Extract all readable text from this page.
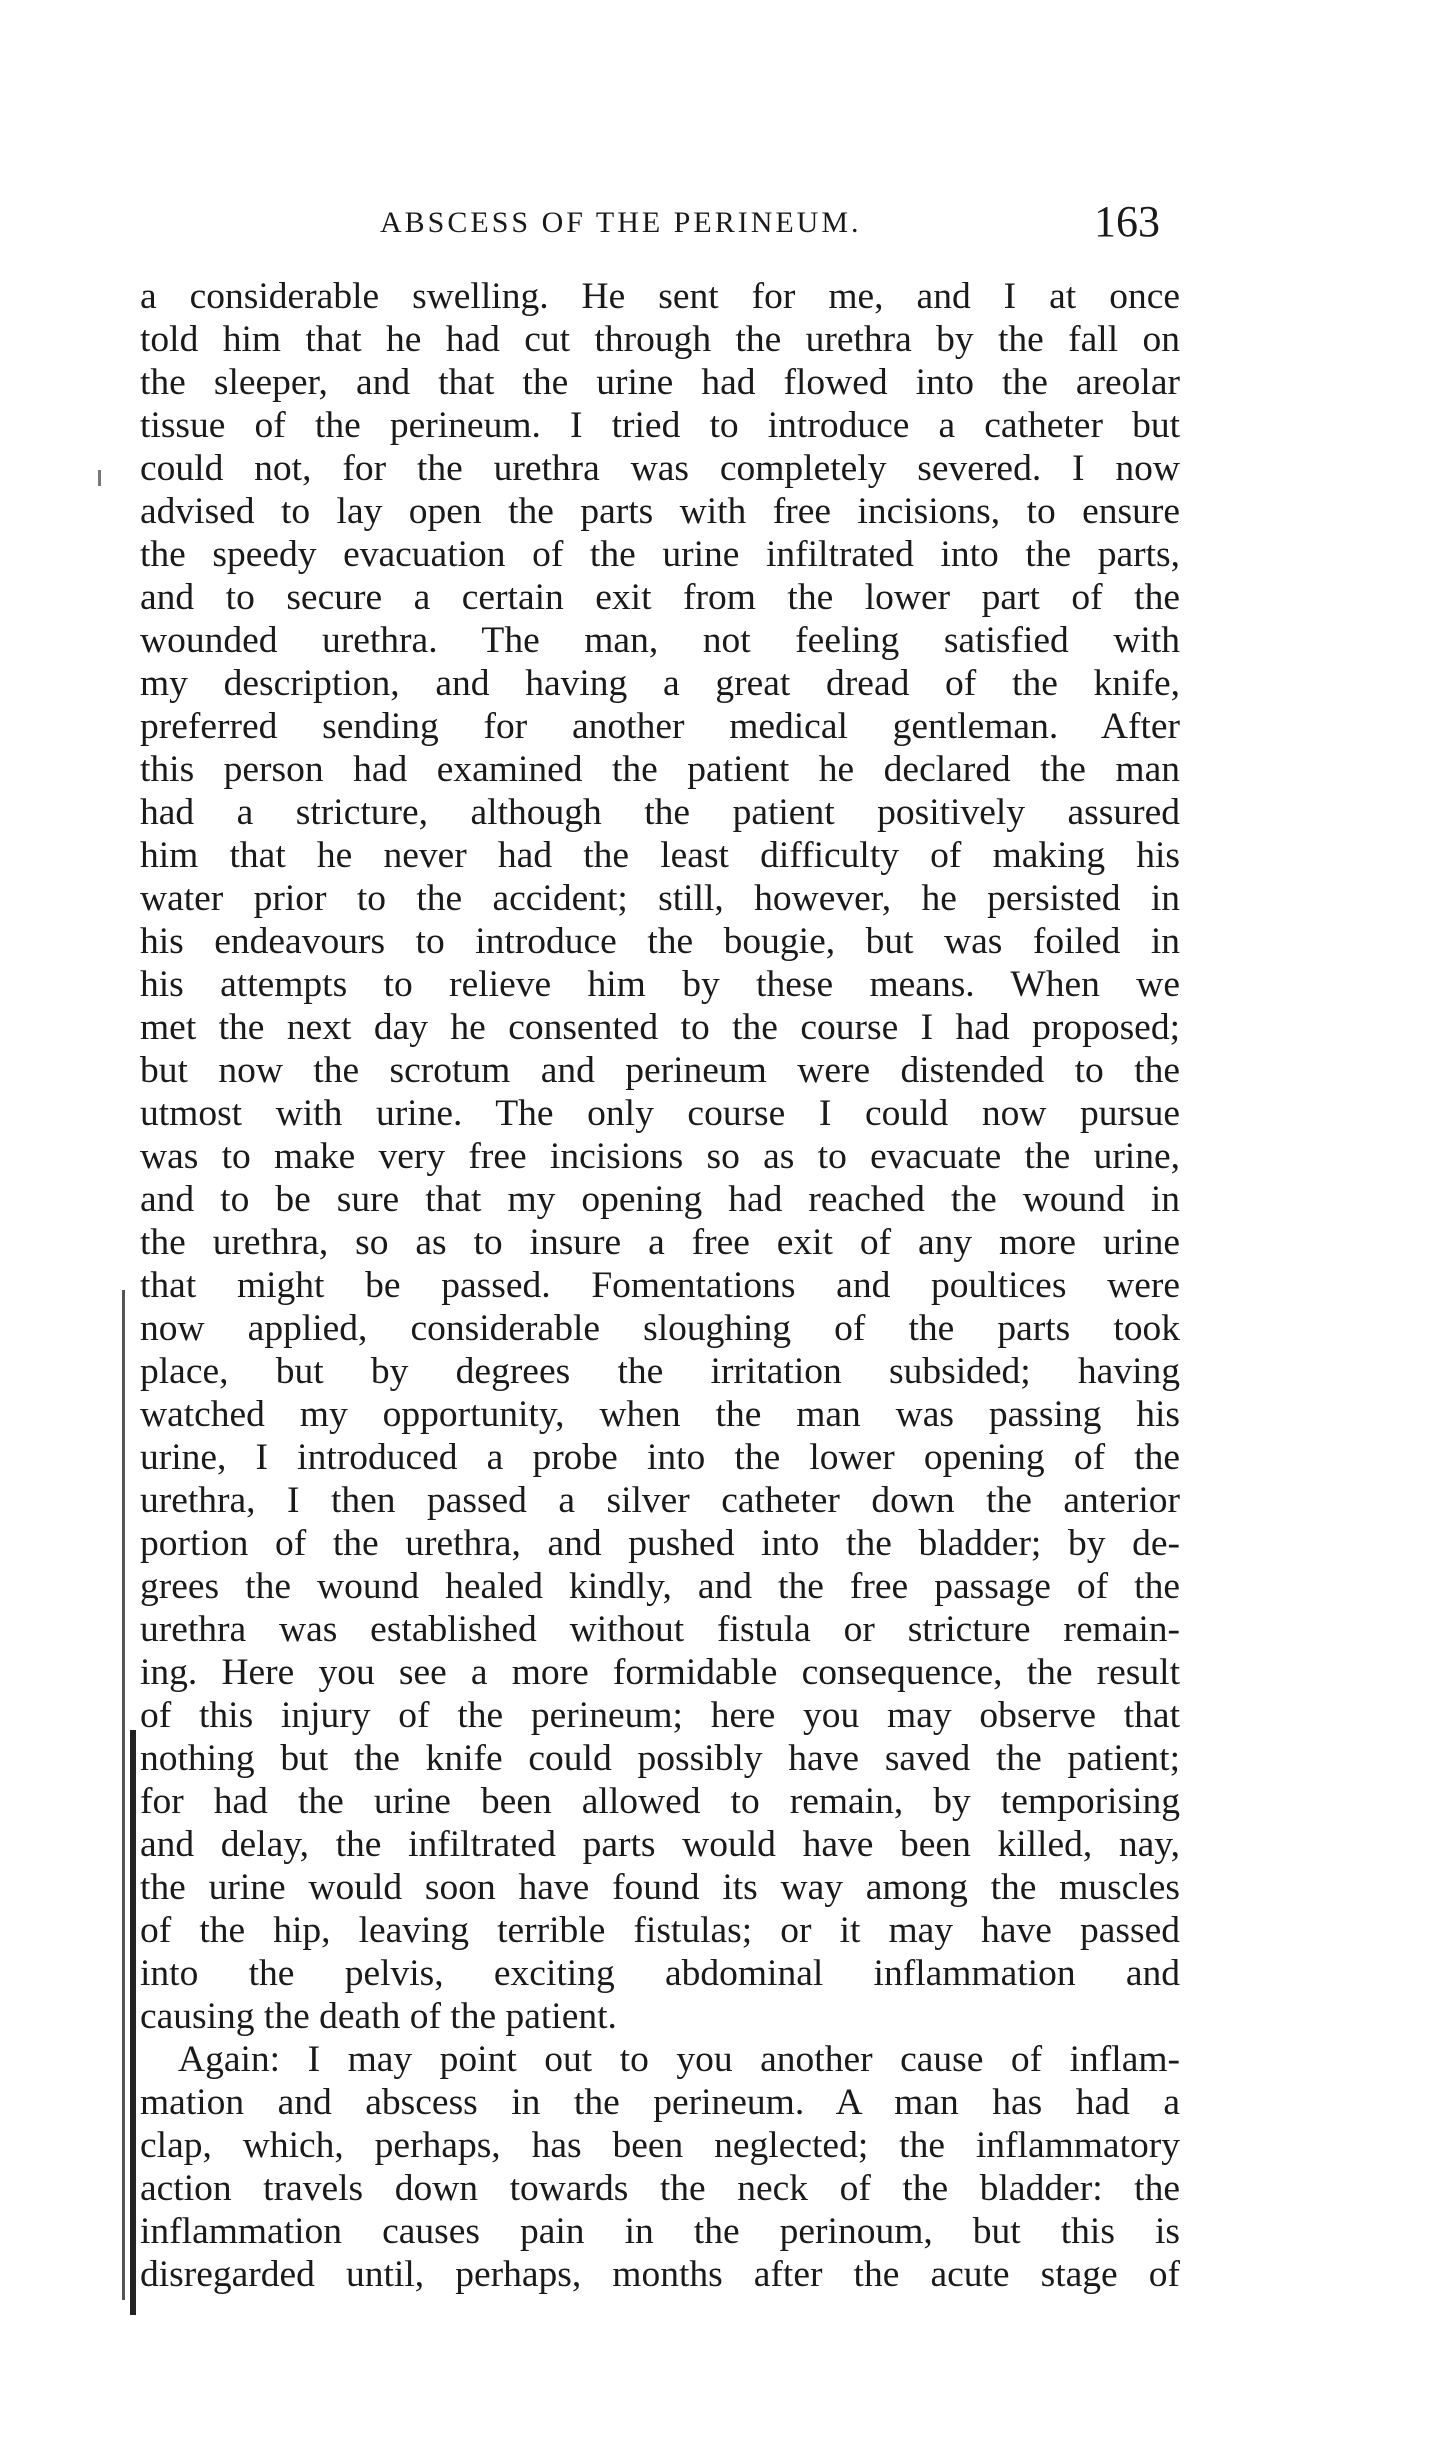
ABSCESS OF THE PERINEUM.	163
a considerable swelling. He sent for me, and I at once
told him that he had cut through the urethra by the fall on
the sleeper, and that the urine had flowed into the areolar
tissue of the perineum. I tried to introduce a catheter but
could not, for the urethra was completely severed. I now
advised to lay open the parts with free incisions, to ensure
the speedy evacuation of the urine infiltrated into the parts,
and to secure a certain exit from the lower part of the
wounded urethra. The man, not feeling satisfied with
my description, and having a great dread of the knife,
preferred sending for another medical gentleman. After
this person had examined the patient he declared the man
had a stricture, although the patient positively assured
him that he never had the least difficulty of making his
water prior to the accident; still, however, he persisted in
his endeavours to introduce the bougie, but was foiled in
his attempts to relieve him by these means. When we
met the next day he consented to the course I had proposed;
but now the scrotum and perineum were distended to the
utmost with urine. The only course I could now pursue
was to make very free incisions so as to evacuate the urine,
and to be sure that my opening had reached the wound in
the urethra, so as to insure a free exit of any more urine
that might be passed. Fomentations and poultices were
now applied, considerable sloughing of the parts took
place, but by degrees the irritation subsided; having
watched my opportunity, when the man was passing his
urine, I introduced a probe into the lower opening of the
urethra, I then passed a silver catheter down the anterior
portion of the urethra, and pushed into the bladder; by de-
grees the wound healed kindly, and the free passage of the
urethra was established without fistula or stricture remain-
ing. Here you see a more formidable consequence, the result
of this injury of the perineum; here you may observe that
nothing but the knife could possibly have saved the patient;
for had the urine been allowed to remain, by temporising
and delay, the infiltrated parts would have been killed, nay,
the urine would soon have found its way among the muscles
of the hip, leaving terrible fistulas; or it may have passed
into the pelvis, exciting abdominal inflammation and
causing the death of the patient.
Again: I may point out to you another cause of inflam-
mation and abscess in the perineum. A man has had a
clap, which, perhaps, has been neglected; the inflammatory
action travels down towards the neck of the bladder: the
inflammation causes pain in the perinoum, but this is
disregarded until, perhaps, months after the acute stage of
